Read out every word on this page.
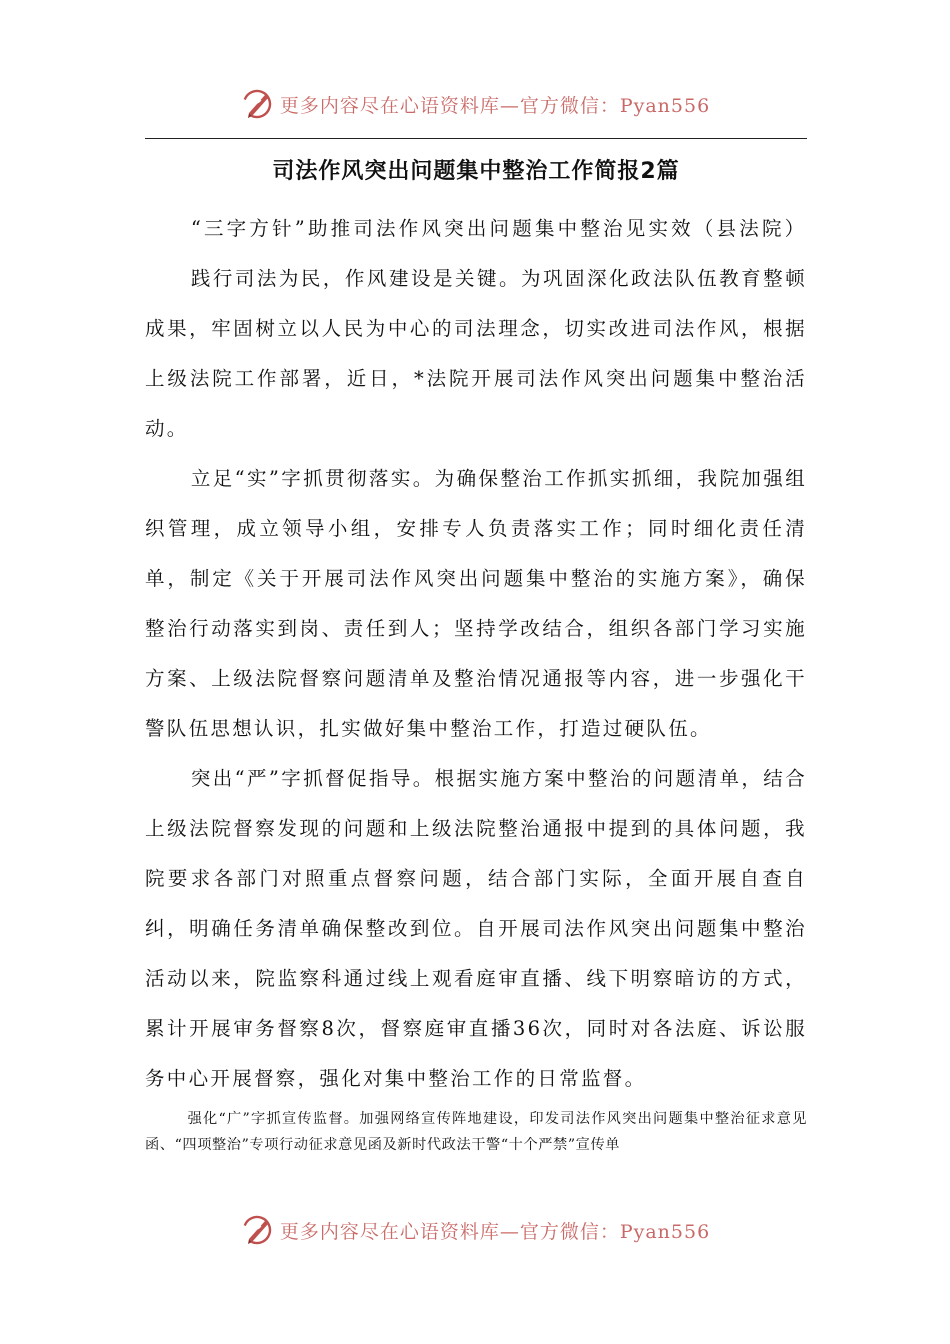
更多内容尽在心语资料库—官方微信：Pyan556
司法作风突出问题集中整治工作简报2篇

“三字方针”助推司法作风突出问题集中整治见实效（县法院）

践行司法为民，作风建设是关键。为巩固深化政法队伍教育整顿成果，牢固树立以人民为中心的司法理念，切实改进司法作风，根据上级法院工作部署，近日，*法院开展司法作风突出问题集中整治活动。

立足“实”字抓贯彻落实。为确保整治工作抓实抓细，我院加强组织管理，成立领导小组，安排专人负责落实工作；同时细化责任清单，制定《关于开展司法作风突出问题集中整治的实施方案》，确保整治行动落实到岗、责任到人；坚持学改结合，组织各部门学习实施方案、上级法院督察问题清单及整治情况通报等内容，进一步强化干警队伍思想认识，扎实做好集中整治工作，打造过硬队伍。

突出“严”字抓督促指导。根据实施方案中整治的问题清单，结合上级法院督察发现的问题和上级法院整治通报中提到的具体问题，我院要求各部门对照重点督察问题，结合部门实际，全面开展自查自纠，明确任务清单确保整改到位。自开展司法作风突出问题集中整治活动以来，院监察科通过线上观看庭审直播、线下明察暗访的方式，累计开展审务督察8次，督察庭审直播36次，同时对各法庭、诉讼服务中心开展督察，强化对集中整治工作的日常监督。

强化“广”字抓宣传监督。加强网络宣传阵地建设，印发司法作风突出问题集中整治征求意见函、“四项整治”专项行动征求意见函及新时代政法干警“十个严禁”宣传单

更多内容尽在心语资料库—官方微信：Pyan556
